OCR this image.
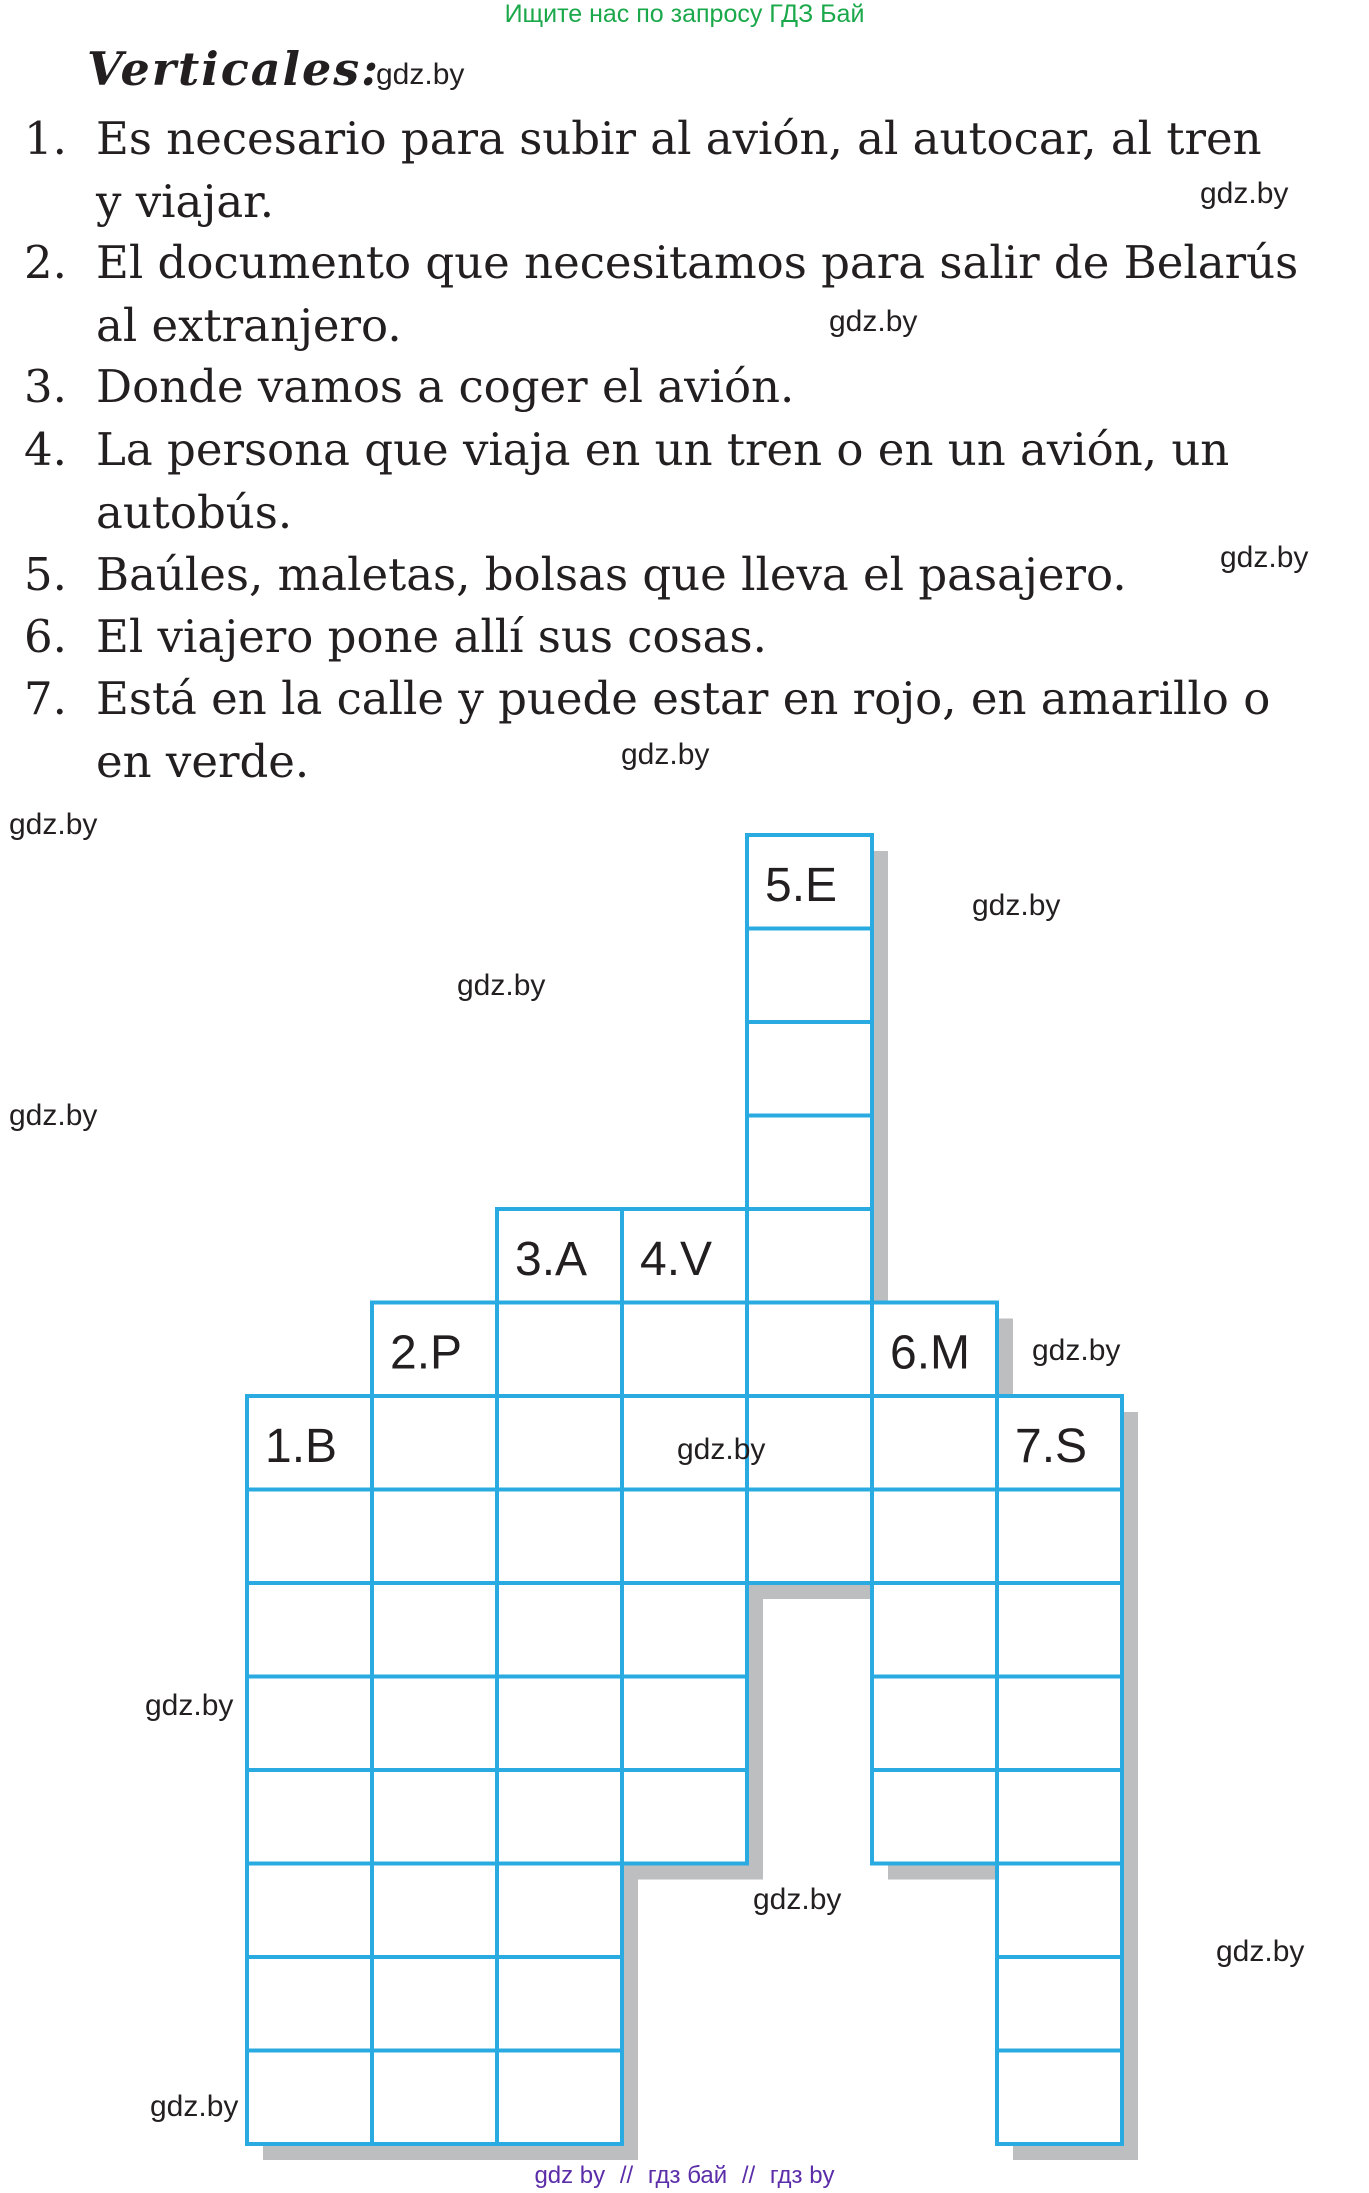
Ищите нас по запросу ГДЗ Бай
Verticales:
1. Es necesario para subir al avión, al autocar, al tren
y viajar.
2. El documento que necesitamos para salir de Belarús
al extranjero.
3. Donde vamos a coger el avión.
4. La persona que viaja en un tren o en un avión, un
autobús.
5. Baúles, maletas, bolsas que lleva el pasajero.
6. El viajero pone allí sus cosas.
7. Está en la calle y puede estar en rojo, en amarillo o
en verde.
1.B
2.P
3.A 4.V
5.E
6.M
7.S
gdz.by
gdz.by
gdz.by
gdz.by
gdz.by
gdz.by
gdz.by
gdz.by
gdz.by
gdz.by
gdz.by
gdz.by
gdz.by
gdz.by
gdz.by
gdz by // гдз бай // гдз by
